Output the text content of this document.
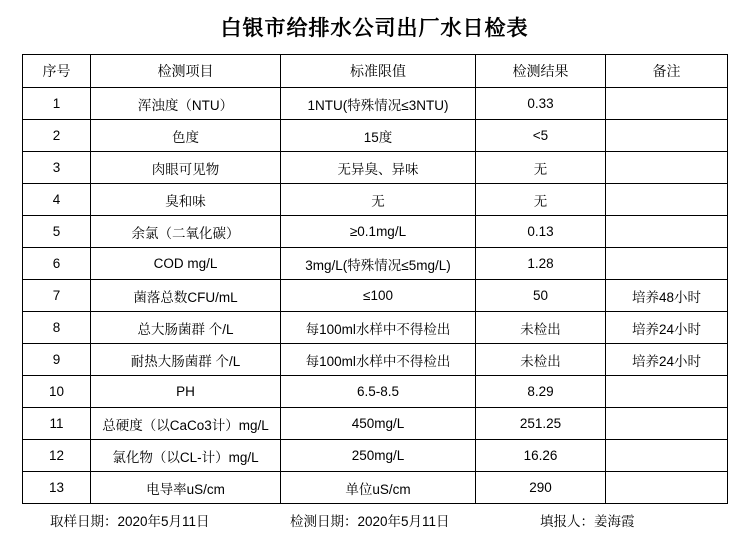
白银市给排水公司出厂水日检表
序号	检测项目	标准限值	检测结果	备注
1	浑浊度（NTU）	1NTU(特殊情况≤3NTU)	0.33	
2	色度	15度	<5	
3	肉眼可见物	无异臭、异味	无	
4	臭和味	无	无	
5	余氯（二氧化碳）	≥0.1mg/L	0.13	
6	COD mg/L	3mg/L(特殊情况≤5mg/L)	1.28	
7	菌落总数CFU/mL	≤100	50	培养48小时
8	总大肠菌群 个/L	每100ml水样中不得检出	未检出	培养24小时
9	耐热大肠菌群 个/L	每100ml水样中不得检出	未检出	培养24小时
10	PH	6.5-8.5	8.29	
11	总硬度（以CaCo3计）mg/L	450mg/L	251.25	
12	氯化物（以CL-计）mg/L	250mg/L	16.26	
13	电导率uS/cm	单位uS/cm	290	
取样日期：2020年5月11日	检测日期：2020年5月11日	填报人：姜海霞
